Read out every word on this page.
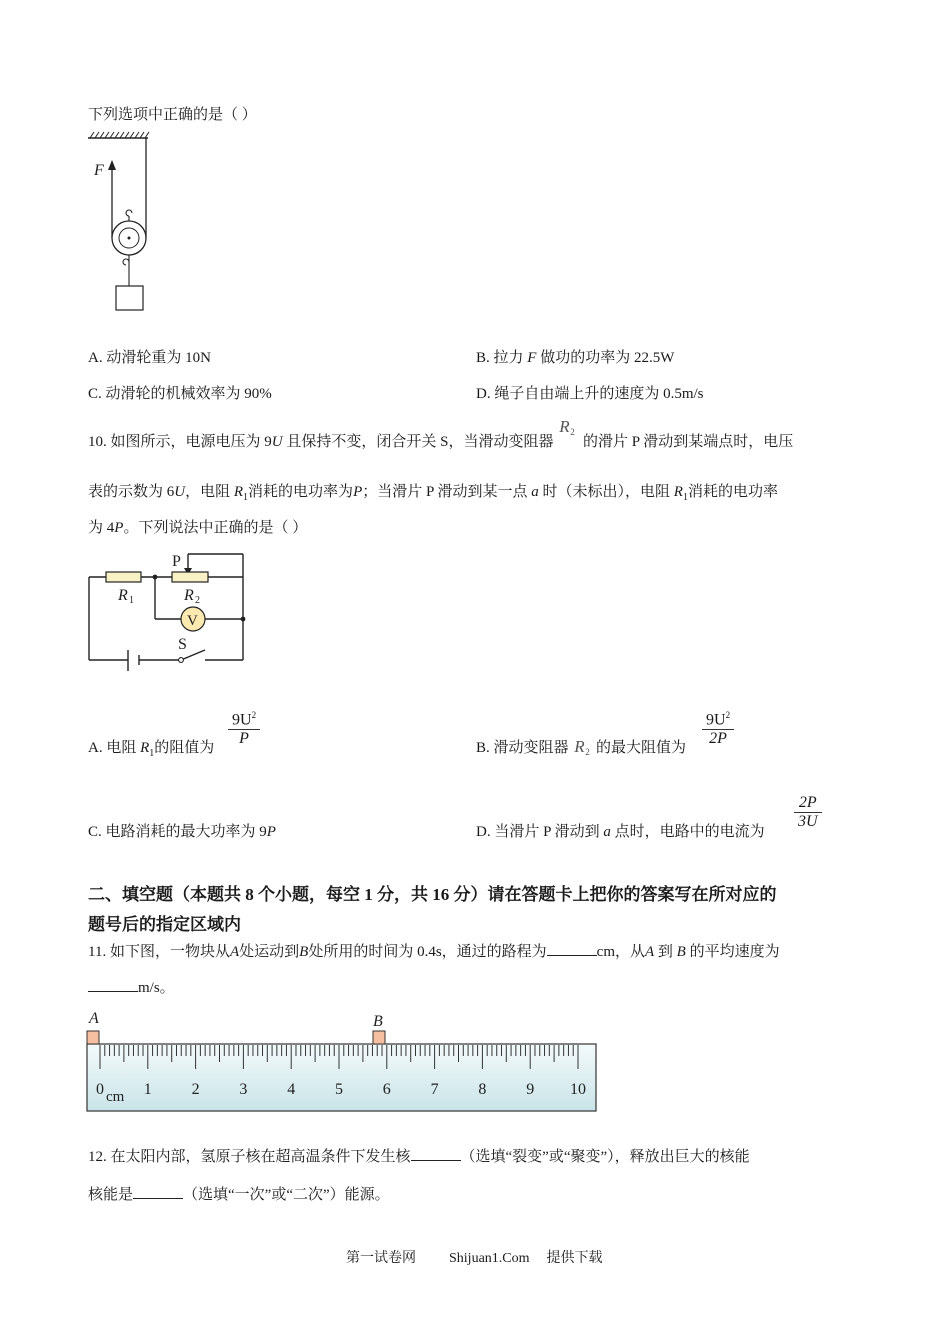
下列选项中正确的是（ ）
F
A. 动滑轮重为 10N	B. 拉力 F 做功的功率为 22.5W
C. 动滑轮的机械效率为 90%	D. 绳子自由端上升的速度为 0.5m/s
10. 如图所示，电源电压为 9U 且保持不变，闭合开关 S，当滑动变阻器
R 2
的滑片 P 滑动到某端点时，电压
表的示数为 6U，电阻 $R_1$消耗的电功率为P；当滑片 P 滑动到某一点 a 时（未标出），电阻 $R_1$消耗的电功率
为 4P。下列说法中正确的是（ ）
V
P
R 1	R 2
S
A. 电阻 $R_1$的阻值为 $\frac{9U^2}{P}$	B. 滑动变阻器 R 2 的最大阻值为 $\frac{9U^2}{2P}$
C. 电路消耗的最大功率为 9P	D. 当滑片 P 滑动到 a 点时，电路中的电流为
$\frac{2P}{3U}$
二、填空题（本题共 8 个小题，每空 1 分，共 16 分）请在答题卡上把你的答案写在所对应的
题号后的指定区域内
11. 如下图，一物块从A处运动到B处所用的时间为 0.4s，通过的路程为	cm，从A 到 B 的平均速度为
m/s。
0 1 2 3 4 5 6 7 8 9 10
A	B
cm
12. 在太阳内部，氢原子核在超高温条件下发生核	（选填“裂变”或“聚变”），释放出巨大的核能
核能是	（选填“一次”或“二次”）能源。
第一试卷网 Shijuan1.Com 提供下载
